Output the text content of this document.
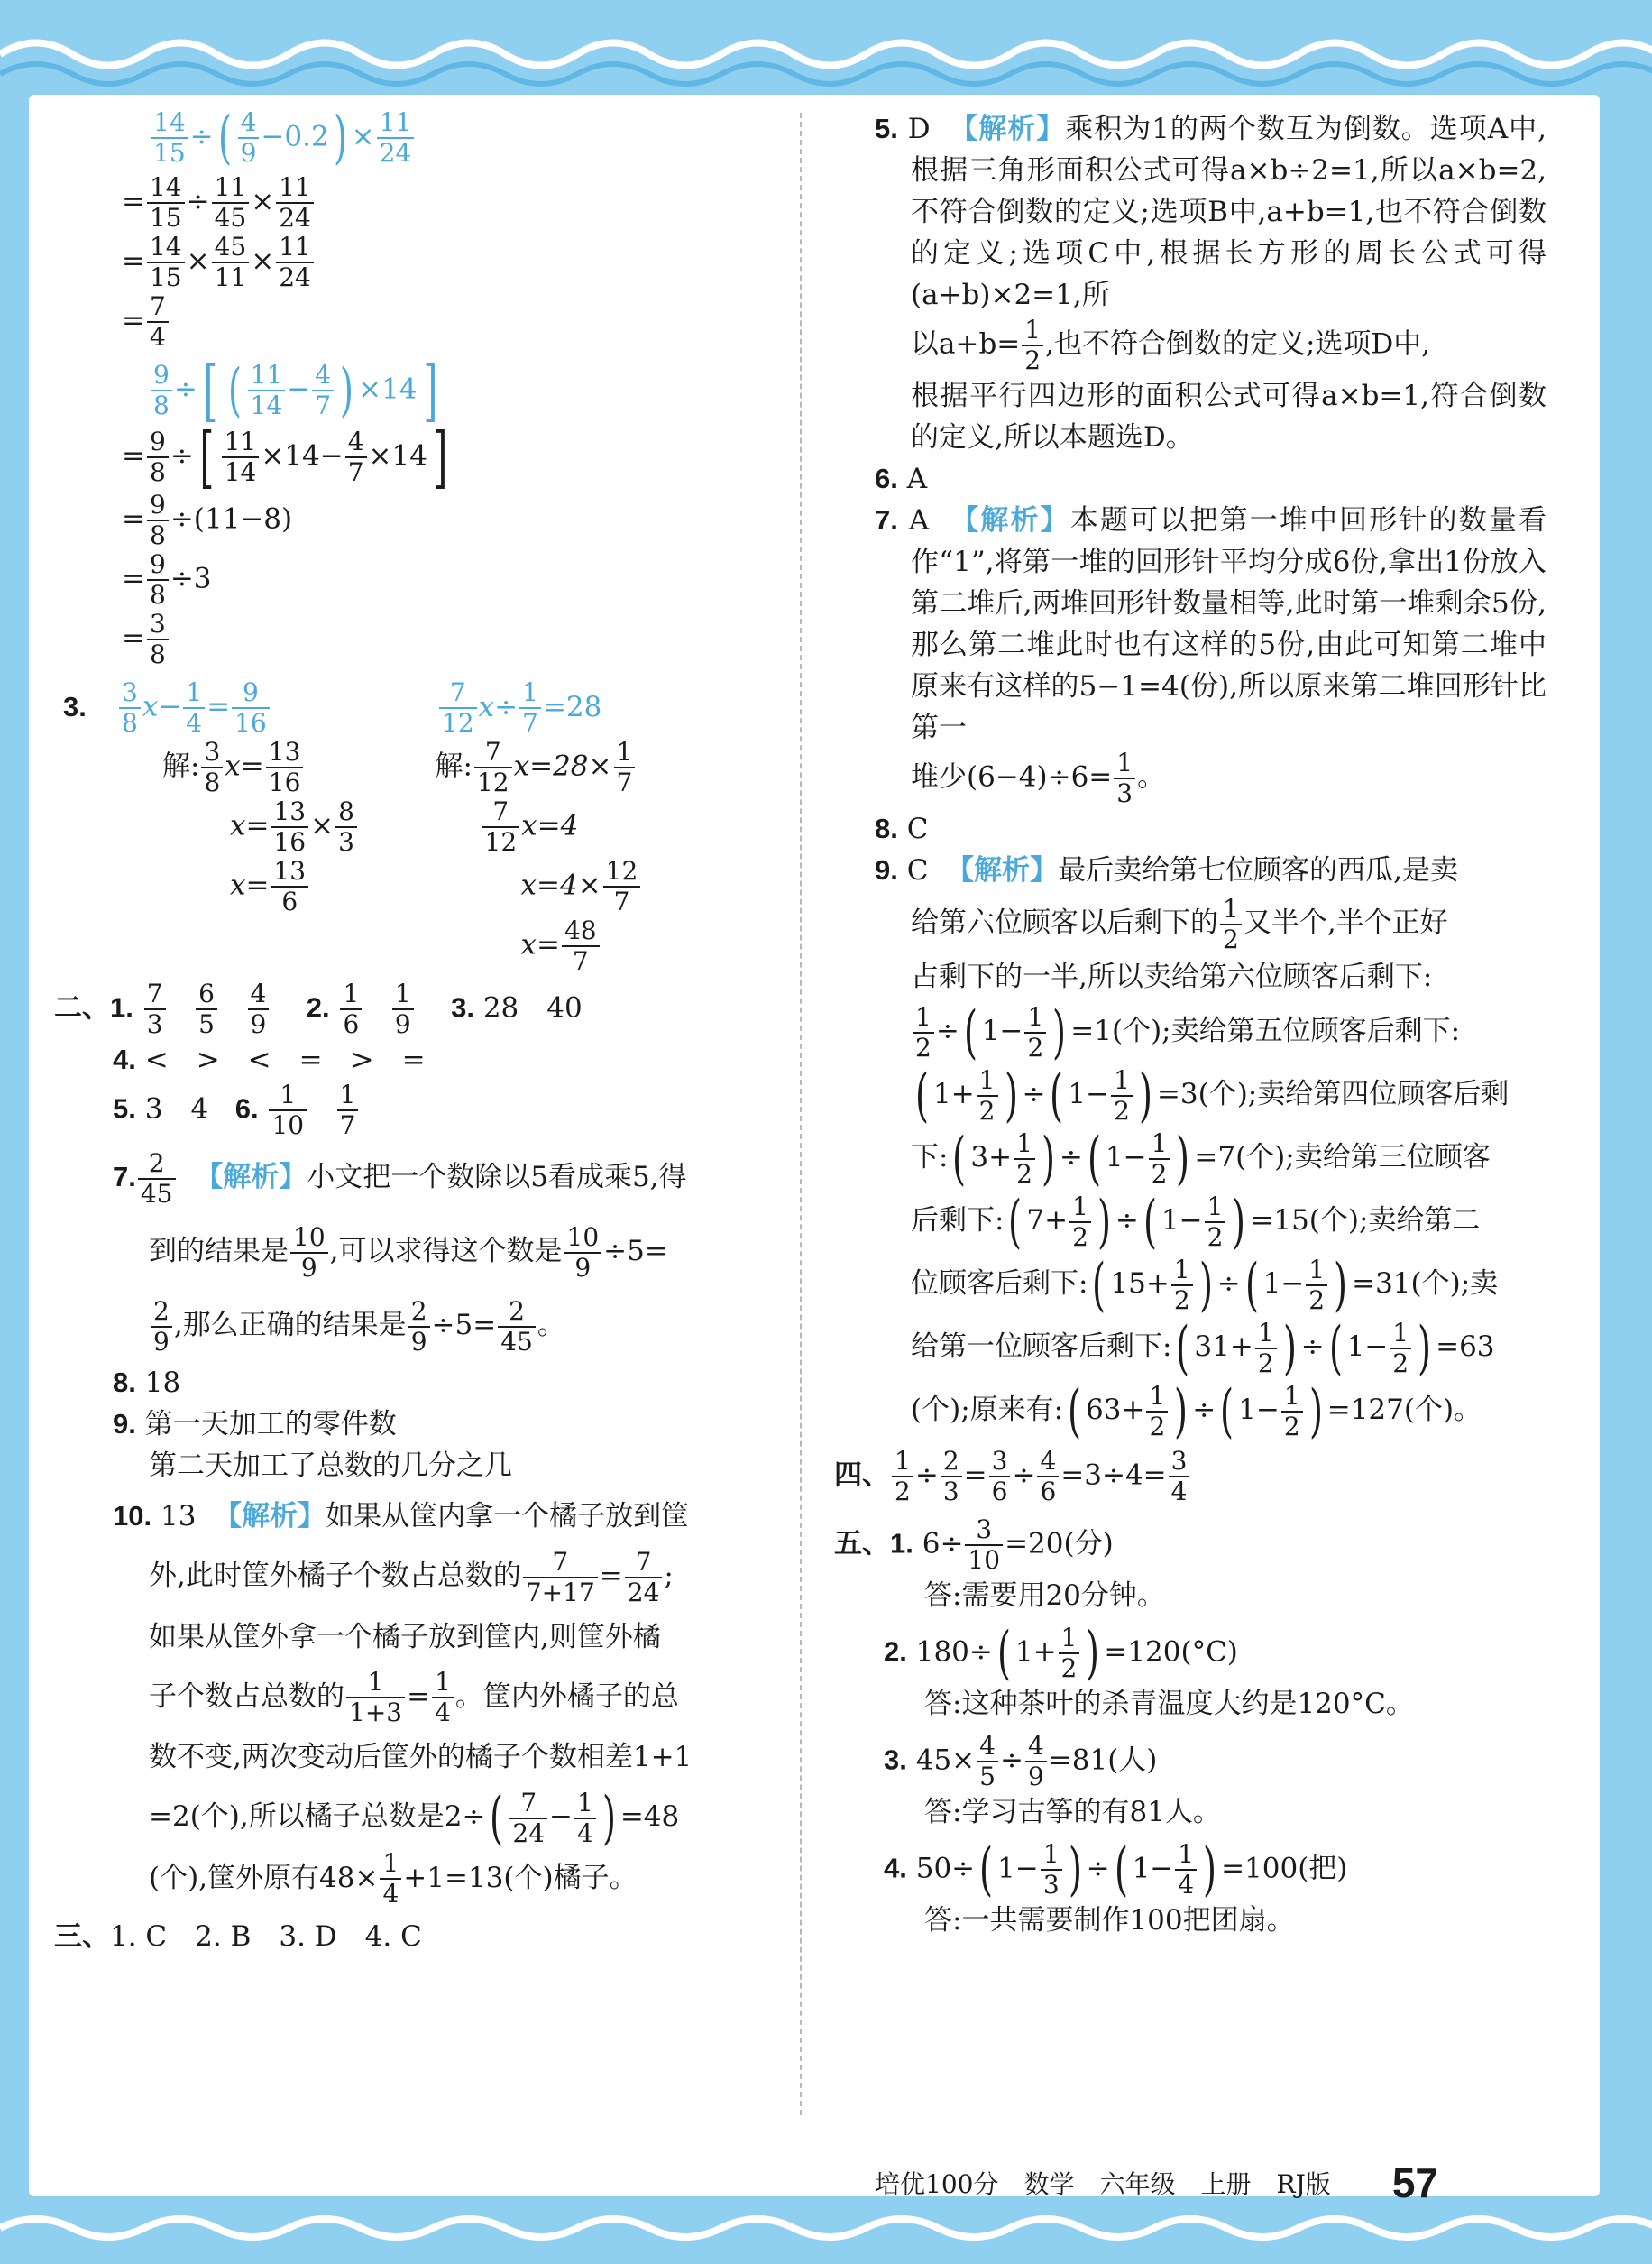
$\frac{14}{15}$ ÷( $\frac{4}{9} -0.2) \times \frac{11}{24}$
= $\frac{14}{15} \div \frac{11}{45} \times \frac{11}{24}$
= $\frac{14}{15} \times \frac{45}{11} \times \frac{11}{24}$
= $\frac{7}{4}$
$\frac{9}{8}$ ÷[ ( $\frac{11}{14} - \frac{4}{7}$ ) ×14]
= $\frac{9}{8}$ ÷[ $\frac{11}{14} \times 14- \frac{4}{7} \times 14$]
= $\frac{9}{8} \div(11-8)$
= $\frac{9}{8} \div 3$
= $\frac{3}{8}$
3. $\frac{3}{8} x- \frac{1}{4} = \frac{9}{16}$	$\frac{7}{12} x\div \frac{1}{7} =28$
解: $\frac{3}{8} x= \frac{13}{16}$
$x= \frac{13}{16} \times \frac{8}{3}$
$x= \frac{13}{6}$
解: $\frac{7}{12} x=28\times \frac{1}{7}$
$\frac{7}{12} x=4$
$x=4\times \frac{12}{7}$
$x= \frac{48}{7}$
二、1. $\frac{7}{3}$
$\frac{6}{5}$
$\frac{4}{9} 2$. $\frac{1}{6}$
$\frac{1}{9} 3$. 28　40
4. <　>　<　=　>　=
5. 3　4 6. $\frac{1}{10}$
$\frac{1}{7}$
7. $\frac{2}{45}$ 【解析】小文把一个数除以5看成乘5,得
到的结果是 $\frac{10}{9}$ ,可以求得这个数是 $\frac{10}{9} \div 5=$
$\frac{2}{9}$ ,那么正确的结果是 $\frac{2}{9} \div 5= \frac{2}{45}$ 。
8. 18
9. 第一天加工的零件数
第二天加工了总数的几分之几
10. 13 【解析】如果从筐内拿一个橘子放到筐
外,此时筐外橘子个数占总数的 $\frac{7}{7+17} = \frac{7}{24}$ ;
如果从筐外拿一个橘子放到筐内,则筐外橘
子个数占总数的 $\frac{1}{1+3} = \frac{1}{4}$ 。筐内外橘子的总
数不变,两次变动后筐外的橘子个数相差1+1
=2(个),所以橘子总数是$2\div( \frac{7}{24} - \frac{1}{4}$ ) =48
(个),筐外原有$48\times \frac{1}{4} +1=13$(个)橘子。
三、1. C　2. B　3. D　4. C
5. D 【解析】乘积为1的两个数互为倒数。选项A中,根据三角形面积公式可得a×b÷2=1,所以a×b=2,不符合倒数的定义;选项B中,a+b=1,也不符合倒数的定义;选项C中,根据长方形的周长公式可得(a+b)×2=1,所
以$a+b= \frac{1}{2}$ ,也不符合倒数的定义;选项D中,
根据平行四边形的面积公式可得a×b=1,符合倒数的定义,所以本题选D。
6. A
7. A 【解析】本题可以把第一堆中回形针的数量看作“1”,将第一堆的回形针平均分成6份,拿出1份放入第二堆后,两堆回形针数量相等,此时第一堆剩余5份,那么第二堆此时也有这样的5份,由此可知第二堆中原来有这样的5−1=4(份),所以原来第二堆回形针比第一
堆少$(6-4)\div 6= \frac{1}{3}$ 。
8. C
9. C 【解析】最后卖给第七位顾客的西瓜,是卖
给第六位顾客以后剩下的 $\frac{1}{2}$ 又半个,半个正好
占剩下的一半,所以卖给第六位顾客后剩下:
$\frac{1}{2}$ ÷( $1- \frac{1}{2}$ ) =1(个);卖给第五位顾客后剩下:
( $1+ \frac{1}{2}$ ) ÷( $1- \frac{1}{2}$ ) =3(个);卖给第四位顾客后剩
下:( $3+ \frac{1}{2}$ ) ÷( $1- \frac{1}{2}$ ) =7(个);卖给第三位顾客
后剩下:( $7+ \frac{1}{2}$ ) ÷( $1- \frac{1}{2}$ ) =15(个);卖给第二
位顾客后剩下:( $15+ \frac{1}{2}$ ) ÷( $1- \frac{1}{2}$ ) =31(个);卖
给第一位顾客后剩下:( $31+ \frac{1}{2}$ ) ÷( $1- \frac{1}{2}$ ) =63
(个);原来有:( $63+ \frac{1}{2}$ ) ÷( $1- \frac{1}{2}$ ) =127(个)。
四、 $\frac{1}{2} \div \frac{2}{3} = \frac{3}{6} \div \frac{4}{6} =3\div 4= \frac{3}{4}$
五、1. $6\div \frac{3}{10} =20$(分)
答:需要用20分钟。
2. 180÷( $1+ \frac{1}{2}$ ) =120(°C)
答:这种茶叶的杀青温度大约是120°C。
3. $45\times \frac{4}{5} \div \frac{4}{9} =81$(人)
答:学习古筝的有81人。
4. 50÷( $1- \frac{1}{3}$ ) ÷( $1- \frac{1}{4}$ ) =100(把)
答:一共需要制作100把团扇。
培优100分 数学 六年级 上册 RJ版 57
